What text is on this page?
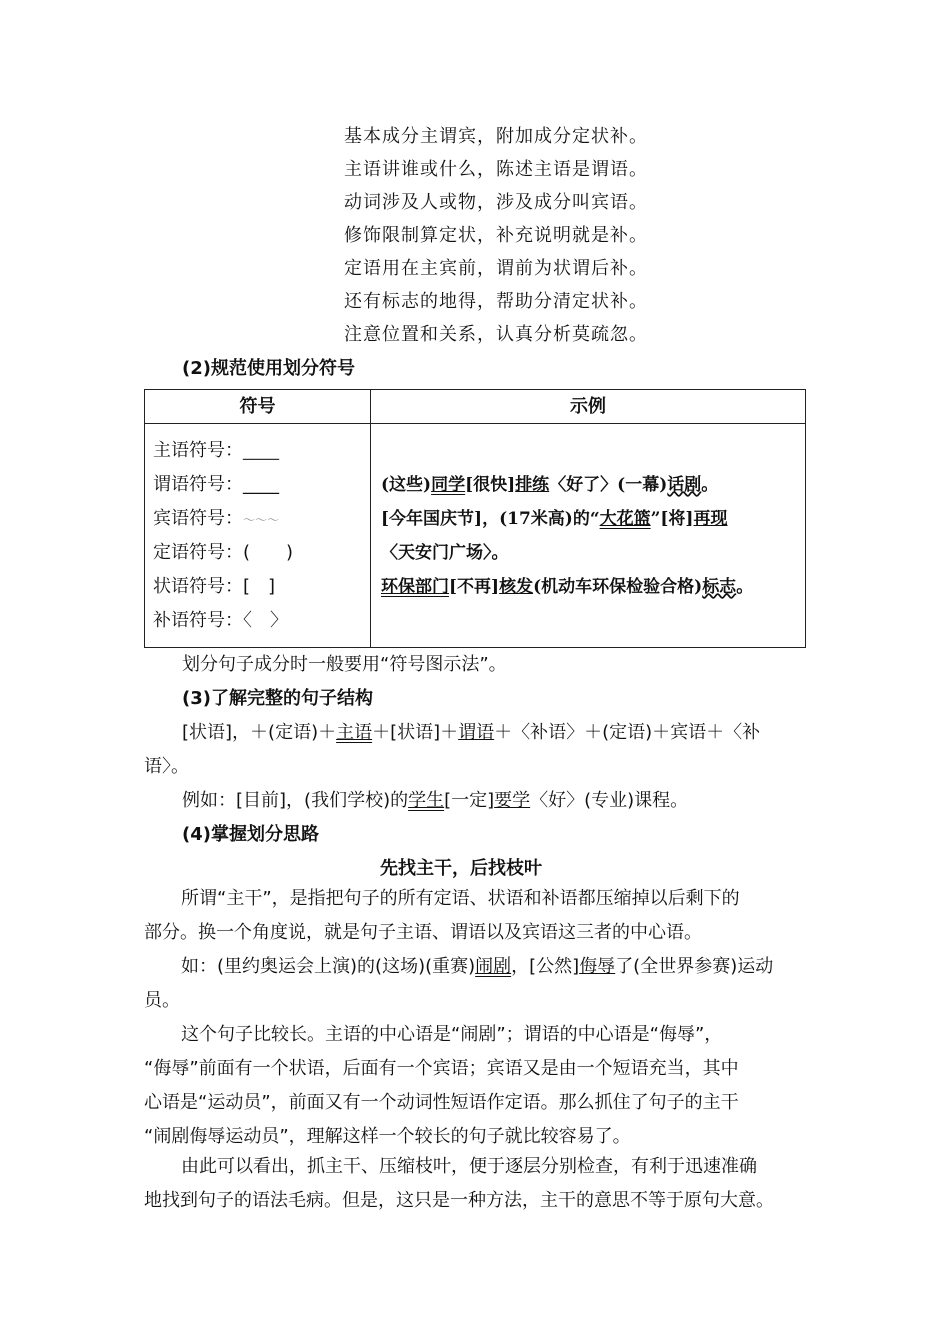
基本成分主谓宾，附加成分定状补。
主语讲谁或什么，陈述主语是谓语。
动词涉及人或物，涉及成分叫宾语。
修饰限制算定状，补充说明就是补。
定语用在主宾前，谓前为状谓后补。
还有标志的地得，帮助分清定状补。
注意位置和关系，认真分析莫疏忽。
(2)规范使用划分符号
符号	示例
主语符号：____
谓语符号：____
宾语符号：～～～
定语符号：(　　)
状语符号：[　]
补语符号：〈　〉
(这些)同学[很快]排练〈好了〉(一幕)话剧。
[今年国庆节]，(17米高)的“大花篮”[将]再现
〈天安门广场〉。
环保部门[不再]核发(机动车环保检验合格)标志。
划分句子成分时一般要用“符号图示法”。
(3)了解完整的句子结构
[状语]，＋(定语)＋主语＋[状语]＋谓语＋〈补语〉＋(定语)＋宾语＋〈补
语〉。
例如：[目前]，(我们学校)的学生[一定]要学〈好〉(专业)课程。
(4)掌握划分思路
先找主干，后找枝叶
所谓“主干”，是指把句子的所有定语、状语和补语都压缩掉以后剩下的
部分。换一个角度说，就是句子主语、谓语以及宾语这三者的中心语。
如：(里约奥运会上演)的(这场)(重赛)闹剧，[公然]侮辱了(全世界参赛)运动
员。
这个句子比较长。主语的中心语是“闹剧”；谓语的中心语是“侮辱”，
“侮辱”前面有一个状语，后面有一个宾语；宾语又是由一个短语充当，其中
心语是“运动员”，前面又有一个动词性短语作定语。那么抓住了句子的主干
“闹剧侮辱运动员”，理解这样一个较长的句子就比较容易了。
由此可以看出，抓主干、压缩枝叶，便于逐层分别检查，有利于迅速准确
地找到句子的语法毛病。但是，这只是一种方法，主干的意思不等于原句大意。
